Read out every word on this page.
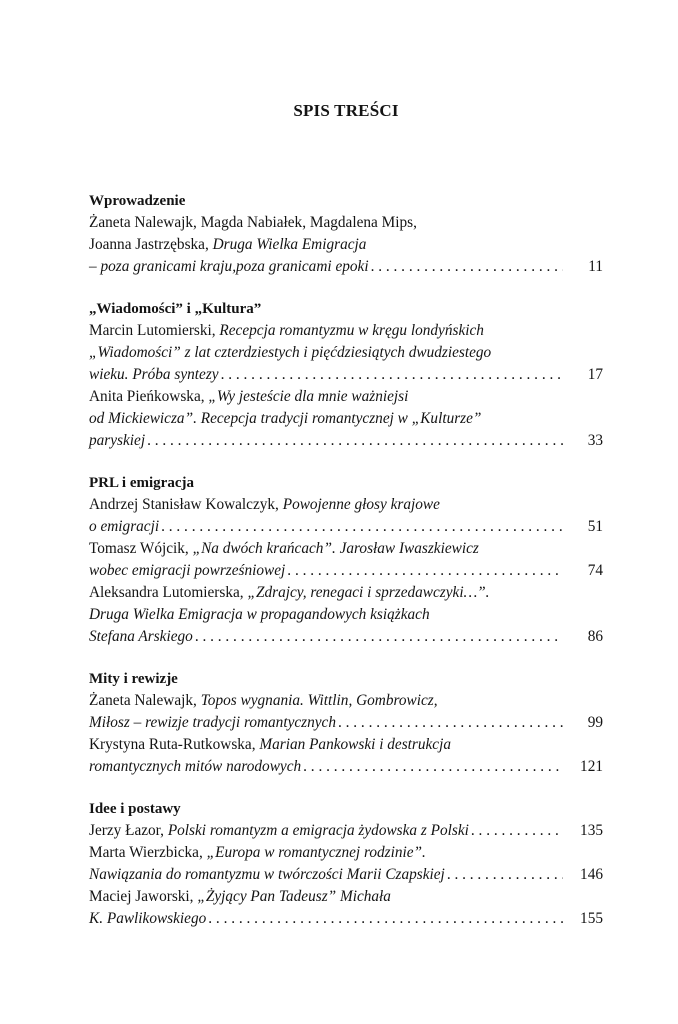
SPIS TREŚCI
Wprowadzenie
Żaneta Nalewajk, Magda Nabiałek, Magdalena Mips,
Joanna Jastrzębska, Druga Wielka Emigracja
– poza granicami kraju,poza granicami epoki . . .	11
„Wiadomości” i „Kultura”
Marcin Lutomierski, Recepcja romantyzmu w kręgu londyńskich
„Wiadomości” z lat czterdziestych i pięćdziesiątych dwudziestego
wieku. Próba syntezy . . .	17
Anita Pieńkowska, „Wy jesteście dla mnie ważniejsi
od Mickiewicza”. Recepcja tradycji romantycznej w „Kulturze”
paryskiej . . .	33
PRL i emigracja
Andrzej Stanisław Kowalczyk, Powojenne głosy krajowe
o emigracji . . .	51
Tomasz Wójcik, „Na dwóch krańcach”. Jarosław Iwaszkiewicz
wobec emigracji powrześniowej . . .	74
Aleksandra Lutomierska, „Zdrajcy, renegaci i sprzedawczyki…”.
Druga Wielka Emigracja w propagandowych książkach
Stefana Arskiego . . .	86
Mity i rewizje
Żaneta Nalewajk, Topos wygnania. Wittlin, Gombrowicz,
Miłosz – rewizje tradycji romantycznych . . .	99
Krystyna Ruta-Rutkowska, Marian Pankowski i destrukcja
romantycznych mitów narodowych . . .	121
Idee i postawy
Jerzy Łazor, Polski romantyzm a emigracja żydowska z Polski . . .	135
Marta Wierzbicka, „Europa w romantycznej rodzinie”.
Nawiązania do romantyzmu w twórczości Marii Czapskiej . . .	146
Maciej Jaworski, „Żyjący Pan Tadeusz” Michała
K. Pawlikowskiego . . .	155
